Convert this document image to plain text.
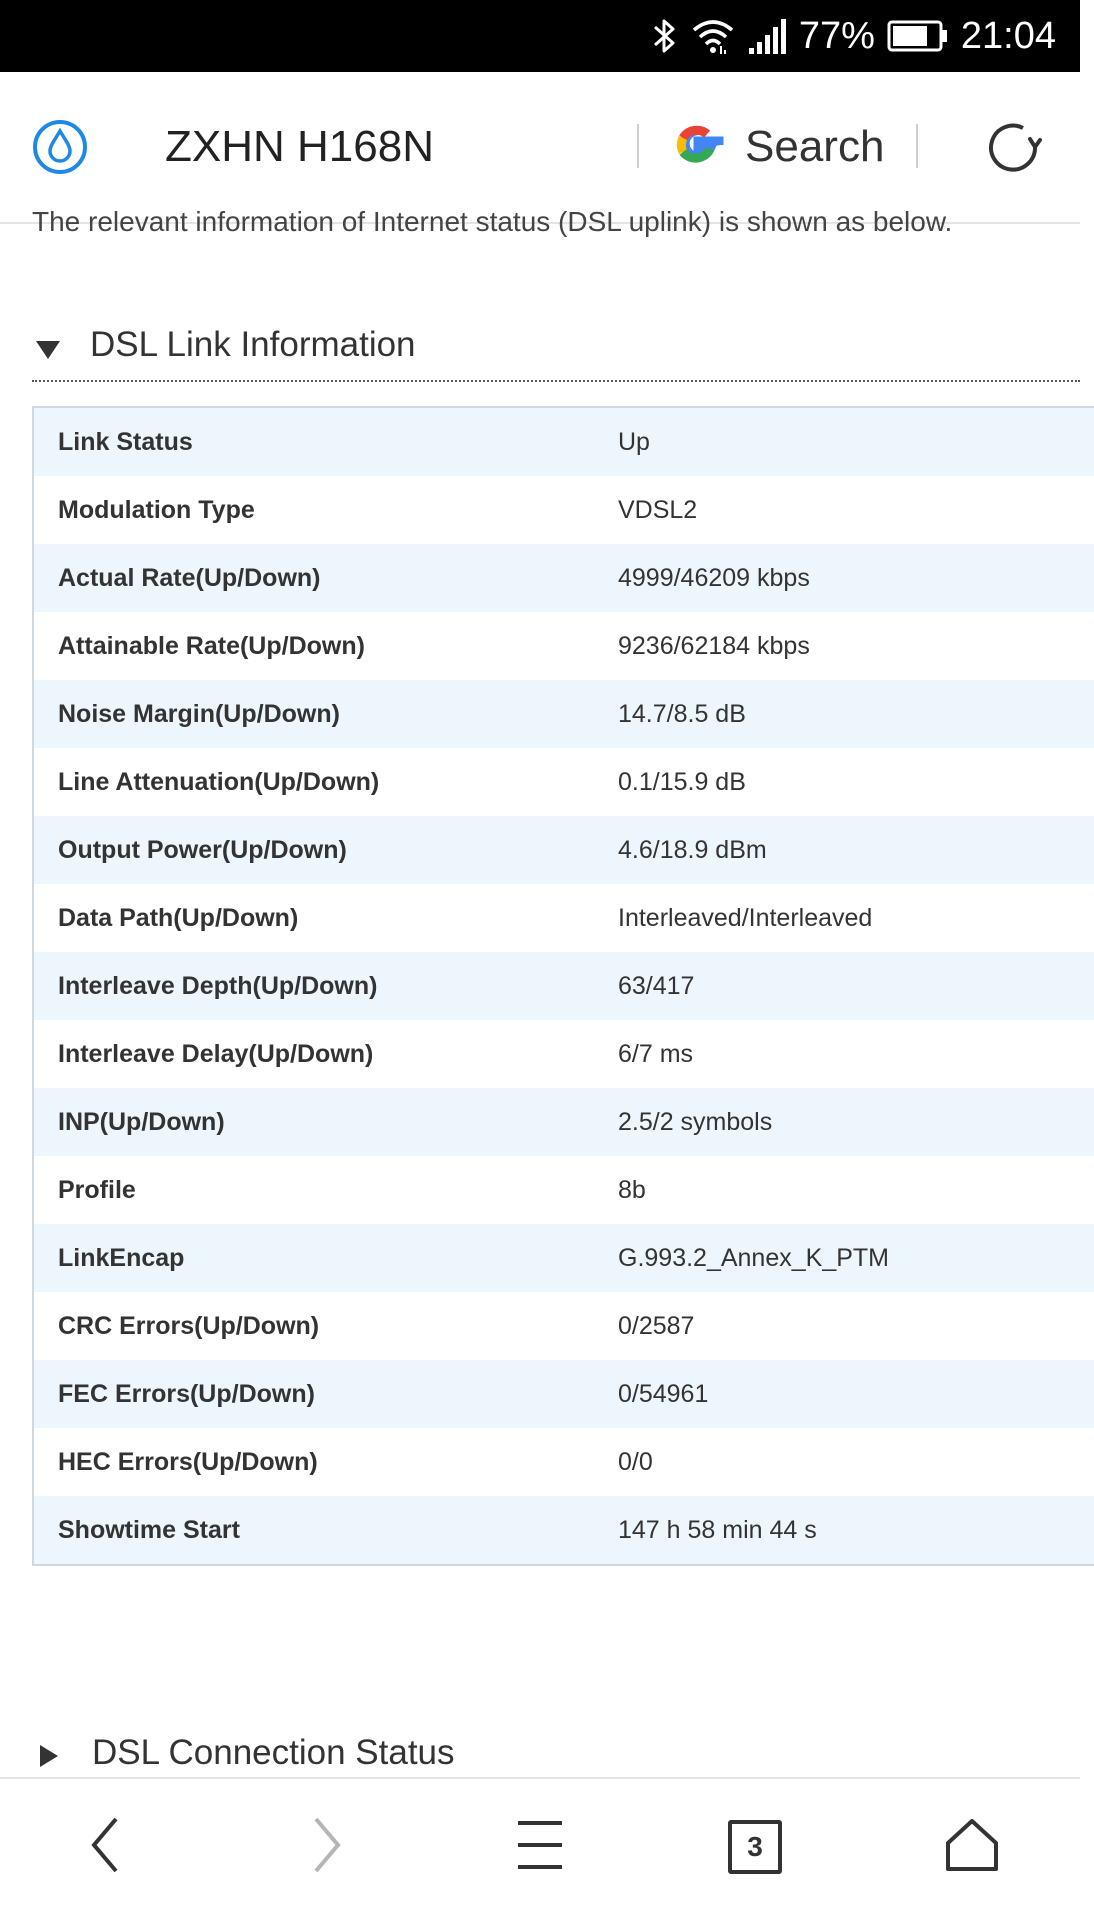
77% 21:04
ZXHN H168N	Search
The relevant information of Internet status (DSL uplink) is shown as below.
DSL Link Information
Link Status	Up
Modulation Type	VDSL2
Actual Rate(Up/Down)	4999/46209 kbps
Attainable Rate(Up/Down)	9236/62184 kbps
Noise Margin(Up/Down)	14.7/8.5 dB
Line Attenuation(Up/Down)	0.1/15.9 dB
Output Power(Up/Down)	4.6/18.9 dBm
Data Path(Up/Down)	Interleaved/Interleaved
Interleave Depth(Up/Down)	63/417
Interleave Delay(Up/Down)	6/7 ms
INP(Up/Down)	2.5/2 symbols
Profile	8b
LinkEncap	G.993.2_Annex_K_PTM
CRC Errors(Up/Down)	0/2587
FEC Errors(Up/Down)	0/54961
HEC Errors(Up/Down)	0/0
Showtime Start	147 h 58 min 44 s
DSL Connection Status
3
